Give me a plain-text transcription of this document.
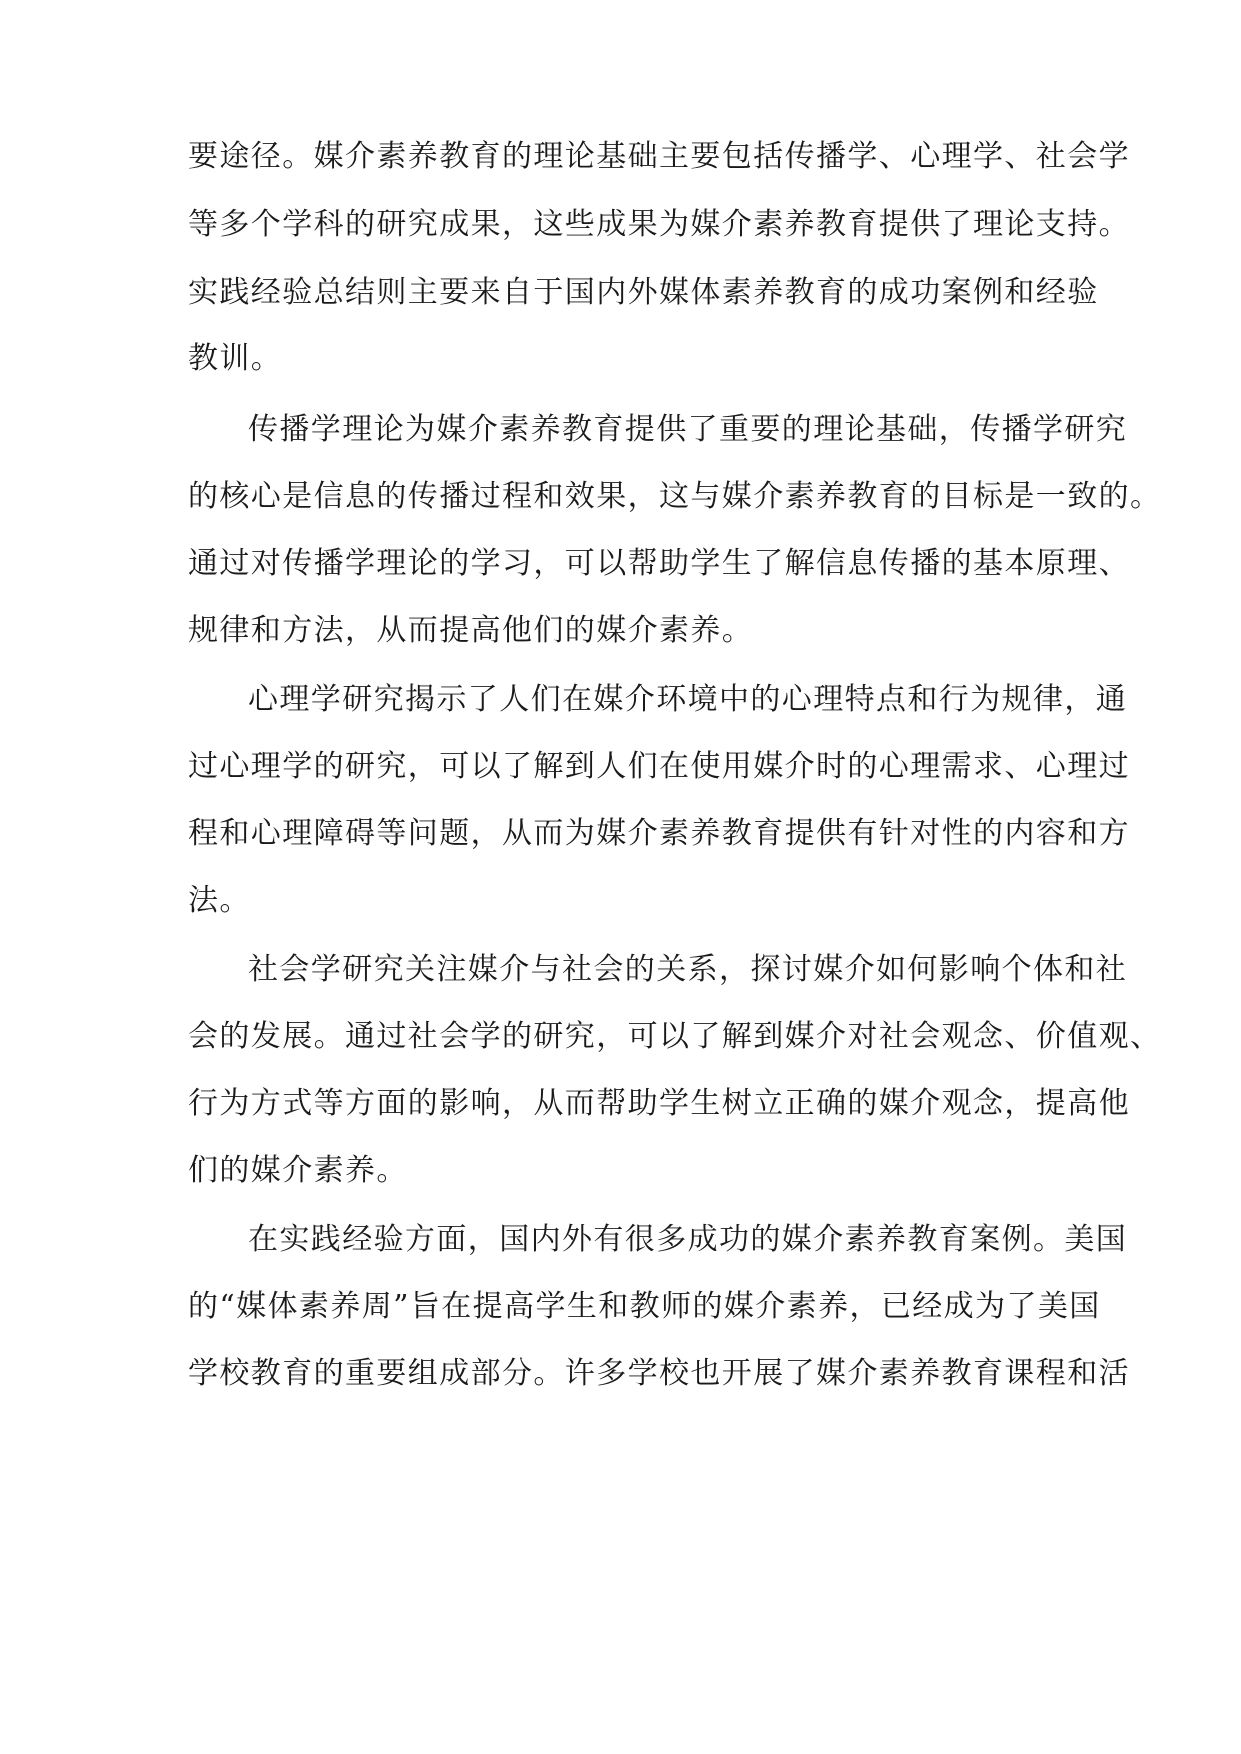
要途径。媒介素养教育的理论基础主要包括传播学、心理学、社会学

等多个学科的研究成果，这些成果为媒介素养教育提供了理论支持。

实践经验总结则主要来自于国内外媒体素养教育的成功案例和经验

教训。

传播学理论为媒介素养教育提供了重要的理论基础，传播学研究

的核心是信息的传播过程和效果，这与媒介素养教育的目标是一致的。

通过对传播学理论的学习，可以帮助学生了解信息传播的基本原理、

规律和方法，从而提高他们的媒介素养。

心理学研究揭示了人们在媒介环境中的心理特点和行为规律，通

过心理学的研究，可以了解到人们在使用媒介时的心理需求、心理过

程和心理障碍等问题，从而为媒介素养教育提供有针对性的内容和方

法。

社会学研究关注媒介与社会的关系，探讨媒介如何影响个体和社

会的发展。通过社会学的研究，可以了解到媒介对社会观念、价值观、

行为方式等方面的影响，从而帮助学生树立正确的媒介观念，提高他

们的媒介素养。

在实践经验方面，国内外有很多成功的媒介素养教育案例。美国

的“媒体素养周”旨在提高学生和教师的媒介素养，已经成为了美国

学校教育的重要组成部分。许多学校也开展了媒介素养教育课程和活
